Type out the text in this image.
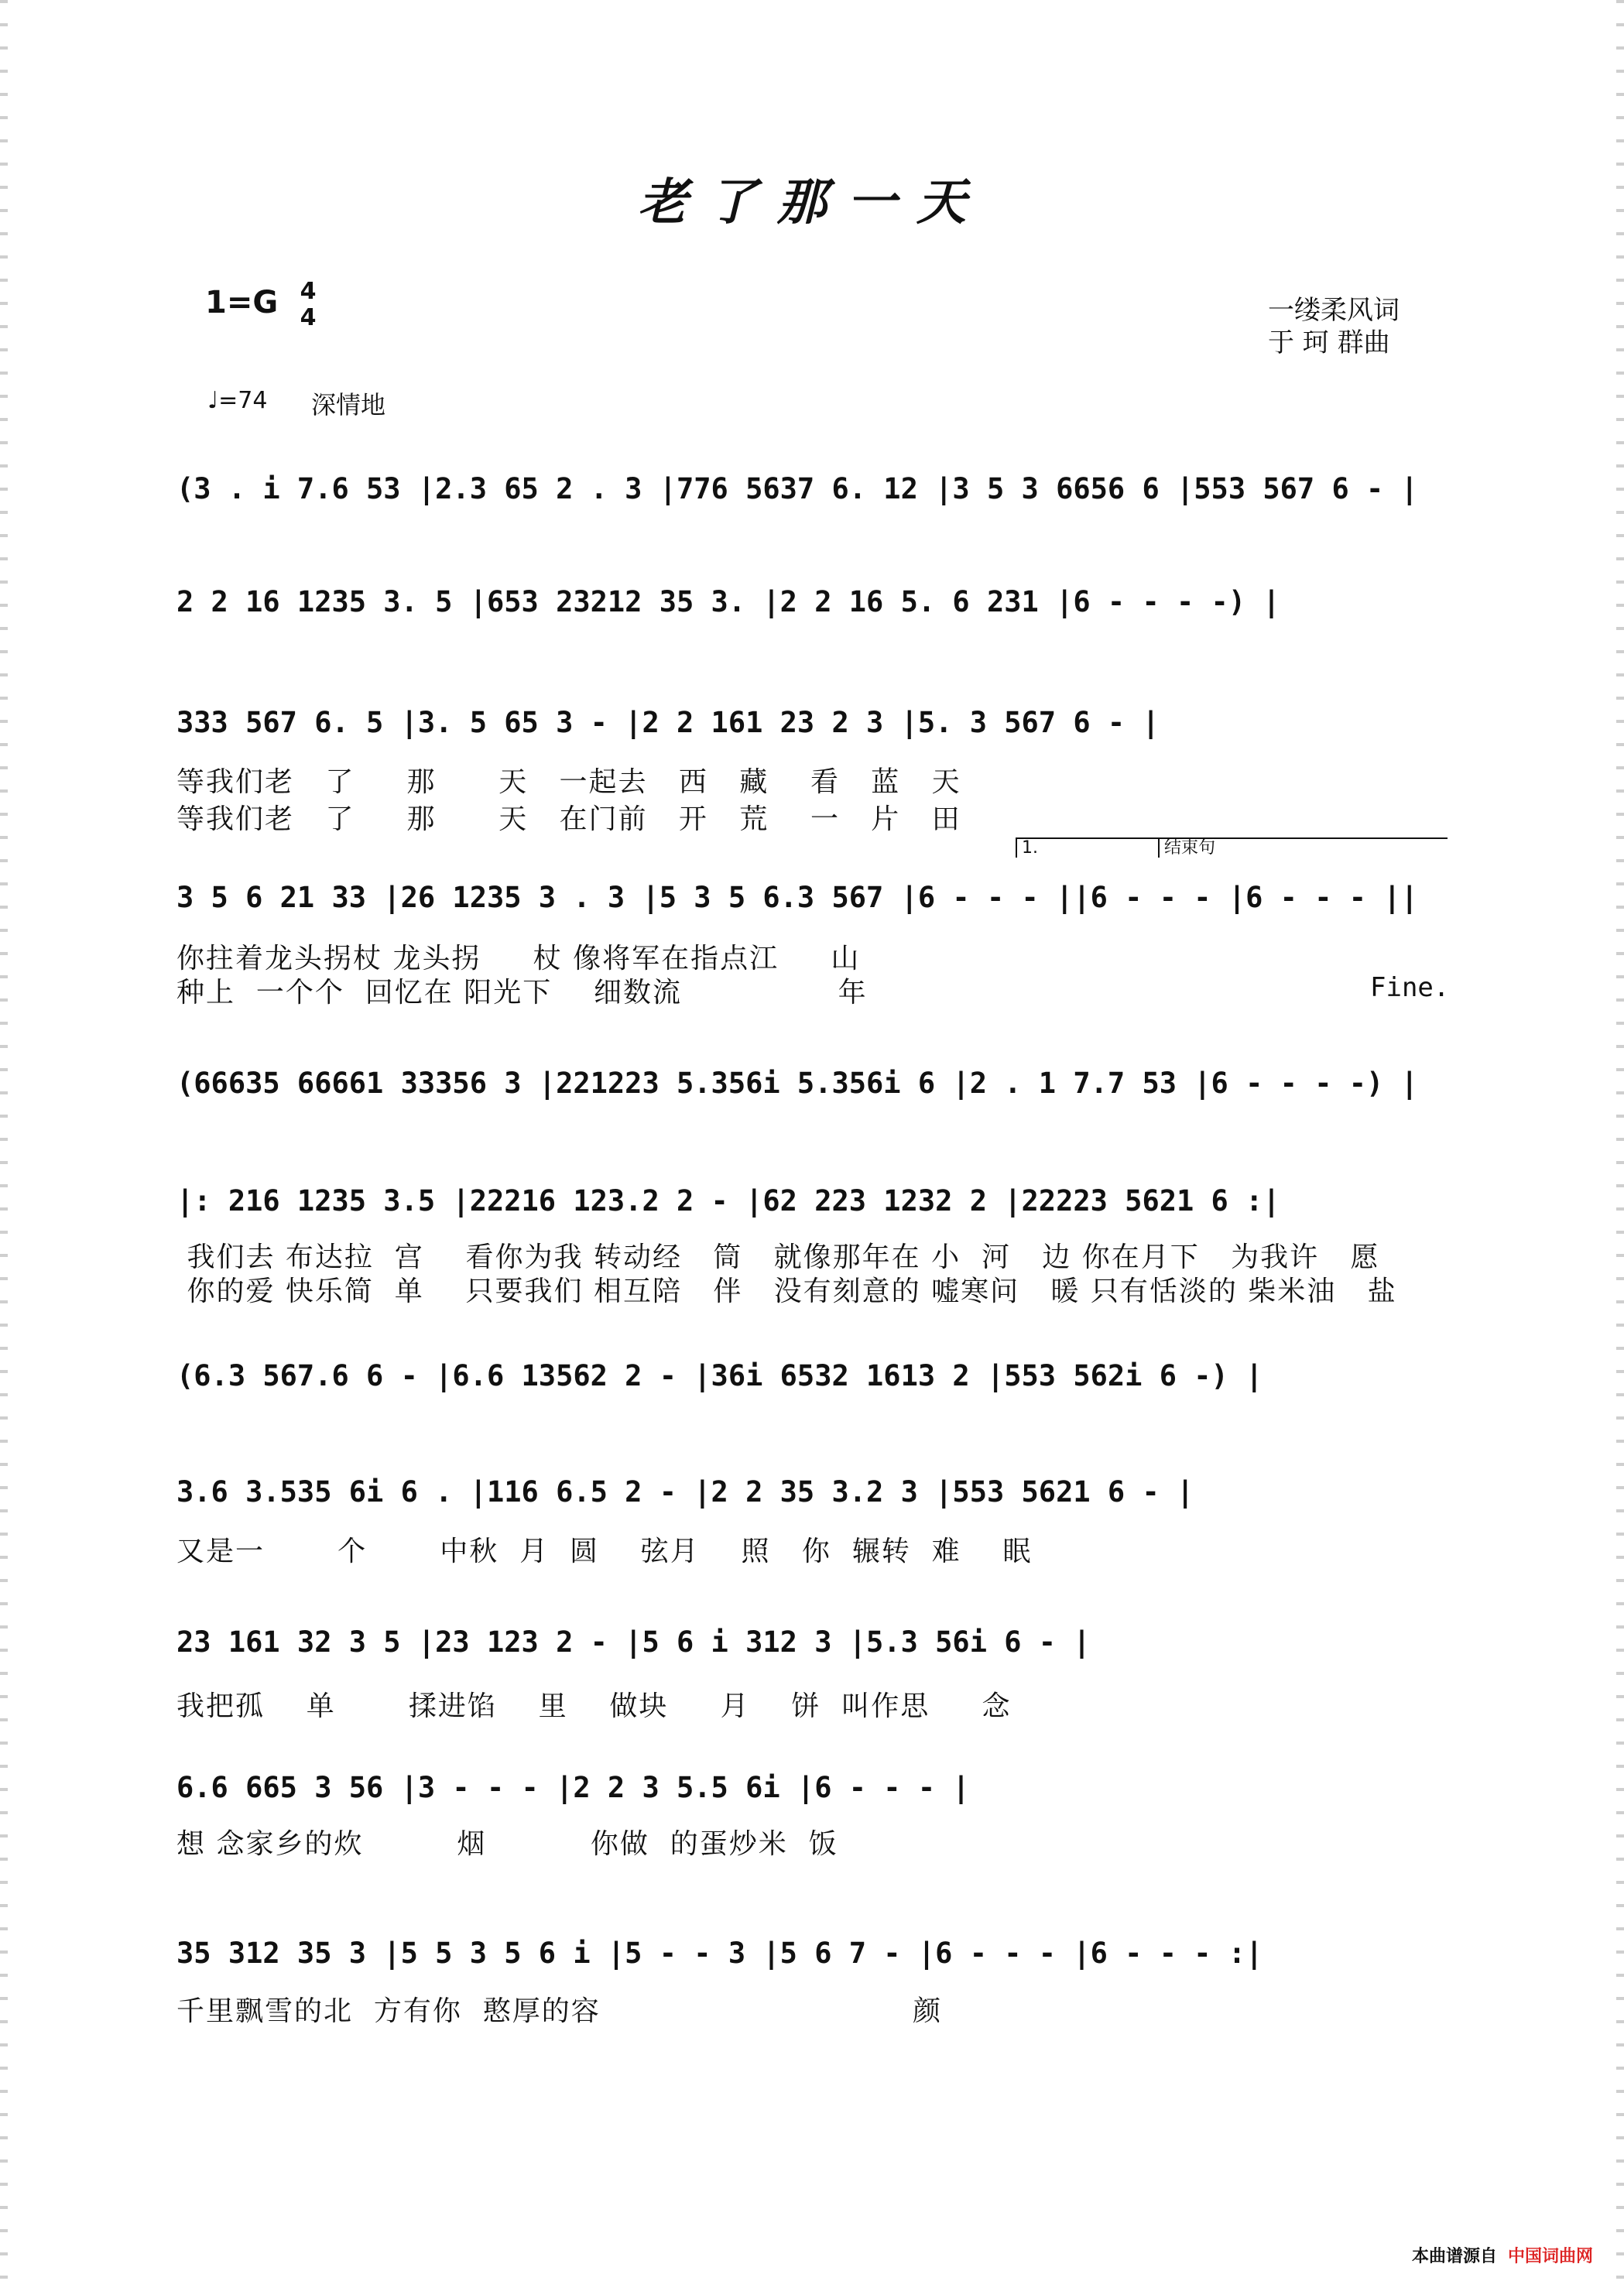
老了那一天
1=G 4
4	一缕柔风词
于 珂 群曲
♩=74 深情地
(3 . i 7.6 53 |2.3 65 2 . 3 |776 5637 6. 12 |3 5 3 6656 6 |553 567 6 - |
2 2 16 1235 3. 5 |653 23212 35 3. |2 2 16 5. 6 231 |6 - - - -) |
333 567 6. 5 |3. 5 65 3 - |2 2 161 23 2 3 |5. 3 567 6 - |
等我们老   了     那      天   一起去   西   藏    看   蓝   天
等我们老   了     那      天   在门前   开   荒    一   片   田
1.	结束句
3 5 6 21 33 |26 1235 3 . 3 |5 3 5 6.3 567 |6 - - - ||6 - - - |6 - - - ||
你拄着龙头拐杖 龙头拐     杖 像将军在指点江     山
种上  一个个  回忆在 阳光下    细数流               年	Fine.
(66635 66661 33356 3 |221223 5.356i 5.356i 6 |2 . 1 7.7 53 |6 - - - -) |
|: 216 1235 3.5 |22216 123.2 2 - |62 223 1232 2 |22223 5621 6 :|
我们去 布达拉  宫    看你为我 转动经   筒   就像那年在 小  河   边 你在月下   为我许   愿
你的爱 快乐简  单    只要我们 相互陪   伴   没有刻意的 嘘寒问   暖 只有恬淡的 柴米油   盐
(6.3 567.6 6 - |6.6 13562 2 - |36i 6532 1613 2 |553 562i 6 -) |
3.6 3.535 6i 6 . |116 6.5 2 - |2 2 35 3.2 3 |553 5621 6 - |
又是一       个       中秋  月  圆    弦月    照   你  辗转  难    眠
23 161 32 3 5 |23 123 2 - |5 6 i 312 3 |5.3 56i 6 - |
我把孤    单       揉进馅    里    做块     月    饼  叫作思     念
6.6 665 3 56 |3 - - - |2 2 3 5.5 6i |6 - - - |
想 念家乡的炊         烟          你做  的蛋炒米  饭
35 312 35 3 |5 5 3 5 6 i |5 - - 3 |5 6 7 - |6 - - - |6 - - - :|
千里飘雪的北  方有你  憨厚的容                              颜
本曲谱源自 中国词曲网
